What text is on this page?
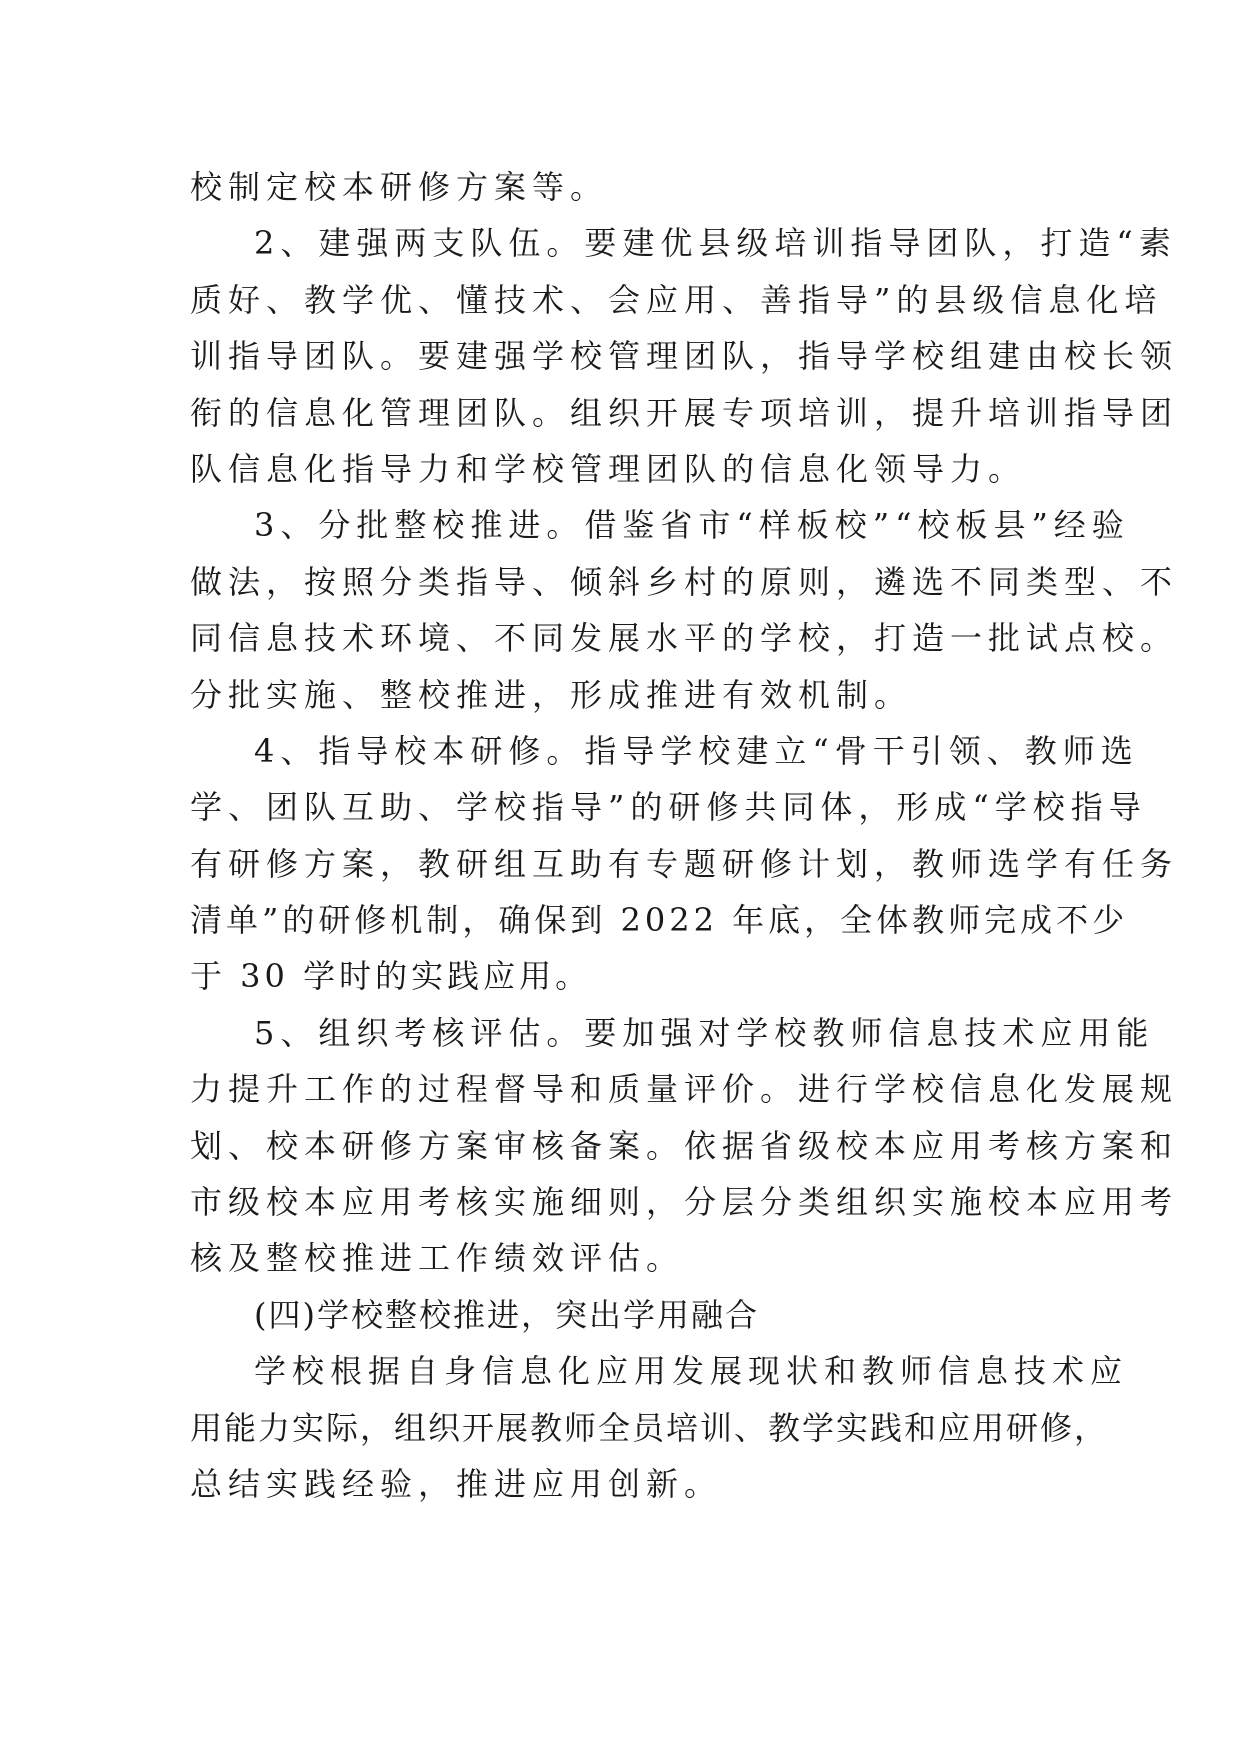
校制定校本研修方案等。
2、建强两支队伍。要建优县级培训指导团队，打造“素
质好、教学优、懂技术、会应用、善指导”的县级信息化培
训指导团队。要建强学校管理团队，指导学校组建由校长领
衔的信息化管理团队。组织开展专项培训，提升培训指导团
队信息化指导力和学校管理团队的信息化领导力。
3、分批整校推进。借鉴省市“样板校”“校板县”经验
做法，按照分类指导、倾斜乡村的原则，遴选不同类型、不
同信息技术环境、不同发展水平的学校，打造一批试点校。
分批实施、整校推进，形成推进有效机制。
4、指导校本研修。指导学校建立“骨干引领、教师选
学、团队互助、学校指导”的研修共同体，形成“学校指导
有研修方案，教研组互助有专题研修计划，教师选学有任务
清单”的研修机制，确保到 2022 年底，全体教师完成不少
于 30 学时的实践应用。
5、组织考核评估。要加强对学校教师信息技术应用能
力提升工作的过程督导和质量评价。进行学校信息化发展规
划、校本研修方案审核备案。依据省级校本应用考核方案和
市级校本应用考核实施细则，分层分类组织实施校本应用考
核及整校推进工作绩效评估。
(四)学校整校推进，突出学用融合
学校根据自身信息化应用发展现状和教师信息技术应
用能力实际，组织开展教师全员培训、教学实践和应用研修，
总结实践经验，推进应用创新。
